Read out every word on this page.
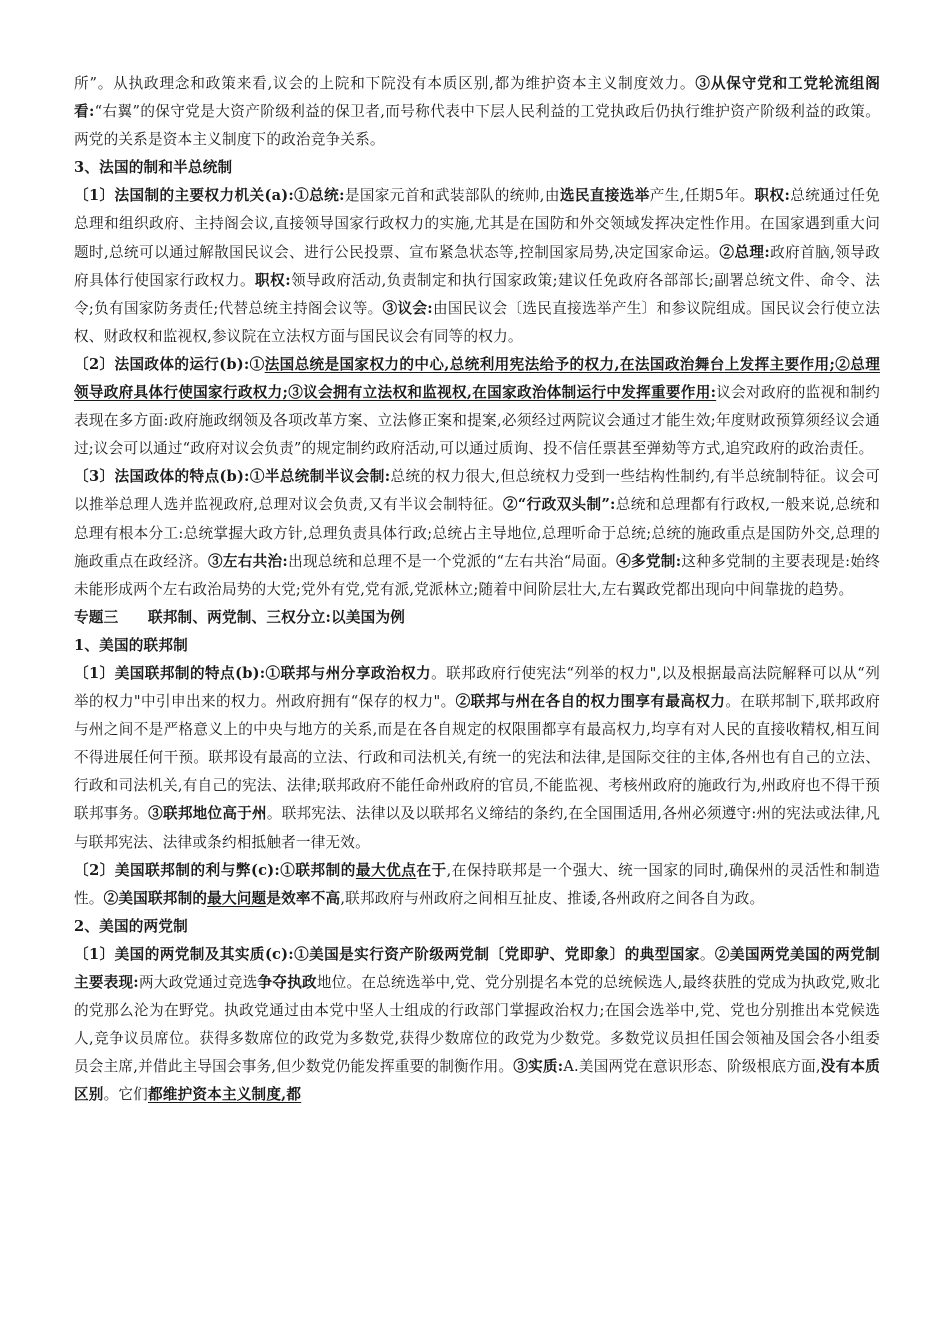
所”。从执政理念和政策来看,议会的上院和下院没有本质区别,都为维护资本主义制度效力。③从保守党和工党轮流组阁看:“右翼”的保守党是大资产阶级利益的保卫者,而号称代表中下层人民利益的工党执政后仍执行维护资产阶级利益的政策。两党的关系是资本主义制度下的政治竞争关系。

3、法国的制和半总统制

〔1〕法国制的主要权力机关(a):①总统:是国家元首和武装部队的统帅,由选民直接选举产生,任期5年。职权:总统通过任免总理和组织政府、主持阁会议,直接领导国家行政权力的实施,尤其是在国防和外交领域发挥决定性作用。在国家遇到重大问题时,总统可以通过解散国民议会、进行公民投票、宣布紧急状态等,控制国家局势,决定国家命运。②总理:政府首脑,领导政府具体行使国家行政权力。职权:领导政府活动,负责制定和执行国家政策;建议任免政府各部部长;副署总统文件、命令、法令;负有国家防务责任;代替总统主持阁会议等。③议会:由国民议会〔选民直接选举产生〕和参议院组成。国民议会行使立法权、财政权和监视权,参议院在立法权方面与国民议会有同等的权力。

〔2〕法国政体的运行(b):①法国总统是国家权力的中心,总统利用宪法给予的权力,在法国政治舞台上发挥主要作用;②总理领导政府具体行使国家行政权力;③议会拥有立法权和监视权,在国家政治体制运行中发挥重要作用:议会对政府的监视和制约表现在多方面:政府施政纲领及各项改革方案、立法修正案和提案,必须经过两院议会通过才能生效;年度财政预算须经议会通过;议会可以通过“政府对议会负责”的规定制约政府活动,可以通过质询、投不信任票甚至弹劾等方式,追究政府的政治责任。

〔3〕法国政体的特点(b):①半总统制半议会制:总统的权力很大,但总统权力受到一些结构性制约,有半总统制特征。议会可以推举总理人选并监视政府,总理对议会负责,又有半议会制特征。②“行政双头制”:总统和总理都有行政权,一般来说,总统和总理有根本分工:总统掌握大政方针,总理负责具体行政;总统占主导地位,总理听命于总统;总统的施政重点是国防外交,总理的施政重点在政经济。③左右共治:出现总统和总理不是一个党派的“左右共治“局面。④多党制:这种多党制的主要表现是:始终未能形成两个左右政治局势的大党;党外有党,党有派,党派林立;随着中间阶层壮大,左右翼政党都出现向中间靠拢的趋势。

专题三　　联邦制、两党制、三权分立:以美国为例

1、美国的联邦制

〔1〕美国联邦制的特点(b):①联邦与州分享政治权力。联邦政府行使宪法“列举的权力",以及根据最高法院解释可以从“列举的权力"中引申出来的权力。州政府拥有“保存的权力"。②联邦与州在各自的权力围享有最高权力。在联邦制下,联邦政府与州之间不是严格意义上的中央与地方的关系,而是在各自规定的权限围都享有最高权力,均享有对人民的直接收精权,相互间不得进展任何干预。联邦设有最高的立法、行政和司法机关,有统一的宪法和法律,是国际交往的主体,各州也有自己的立法、行政和司法机关,有自己的宪法、法律;联邦政府不能任命州政府的官员,不能监视、考核州政府的施政行为,州政府也不得干预联邦事务。③联邦地位高于州。联邦宪法、法律以及以联邦名义缔结的条约,在全国围适用,各州必须遵守:州的宪法或法律,凡与联邦宪法、法律或条约相抵触者一律无效。

〔2〕美国联邦制的利与弊(c):①联邦制的最大优点在于,在保持联邦是一个强大、统一国家的同时,确保州的灵活性和制造性。②美国联邦制的最大问题是效率不高,联邦政府与州政府之间相互扯皮、推诿,各州政府之间各自为政。

2、美国的两党制

〔1〕美国的两党制及其实质(c):①美国是实行资产阶级两党制〔党即驴、党即象〕的典型国家。②美国两党美国的两党制主要表现:两大政党通过竞选争夺执政地位。在总统选举中,党、党分别提名本党的总统候选人,最终获胜的党成为执政党,败北的党那么沦为在野党。执政党通过由本党中坚人士组成的行政部门掌握政治权力;在国会选举中,党、党也分别推出本党候选人,竞争议员席位。获得多数席位的政党为多数党,获得少数席位的政党为少数党。多数党议员担任国会领袖及国会各小组委员会主席,并借此主导国会事务,但少数党仍能发挥重要的制衡作用。③实质:A.美国两党在意识形态、阶级根底方面,没有本质区别。它们都维护资本主义制度,都
